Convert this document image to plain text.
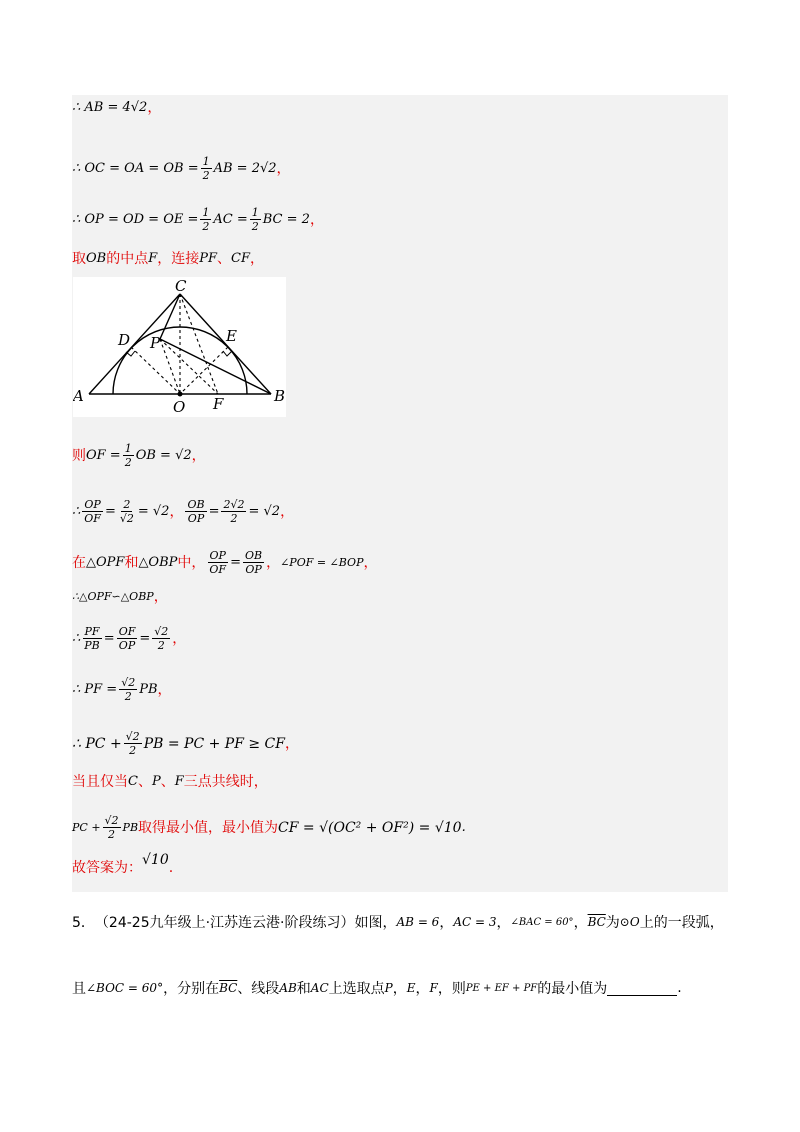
∴ AB = 4√2 ，
∴ OC = OA = OB = $\frac{1}{2}$ AB = 2√2 ，
∴ OP = OD = OE = $\frac{1}{2}$ AC = $\frac{1}{2}$ BC = 2 ，
取 OB 的中点 F ，连接 PF 、 CF ，
C
D	E
P
A	B
O F
则 OF = $\frac{1}{2}$ OB = √2 ，
∴ $\frac{OP}{OF} = \frac{2}{√2} = √2$ ， $\frac{OB}{OP} = \frac{2√2}{2} = √2$ ，
在 △OPF 和 △OBP 中， $\frac{OP}{OF} = \frac{OB}{OP}$ ， ∠POF = ∠BOP ，
∴△OPF∽△OBP ，
∴ $\frac{PF}{PB} = \frac{OF}{OP} = \frac{√2}{2}$ ，
∴ PF = $\frac{√2}{2}$ PB ，
∴ PC + $\frac{√2}{2}$ PB = PC + PF ≥ CF ，
当且仅当 C 、 P 、 F 三点共线时，
PC + $\frac{√2}{2}$ PB 取得最小值，最小值为 CF = √(OC² + OF²) = √10 .
故答案为： √10 .
5． （24-25九年级上·江苏连云港·阶段练习） 如图， AB = 6 ， AC = 3 ， ∠BAC = 60° ， $\overline{BC}$ 为 ⊙O 上的一段弧，
且 ∠BOC = 60° ，分别在 $\overline{BC}$ 、线段 AB 和 AC 上选取点 P ， E ， F ，则 PE + EF + PF 的最小值为	.
